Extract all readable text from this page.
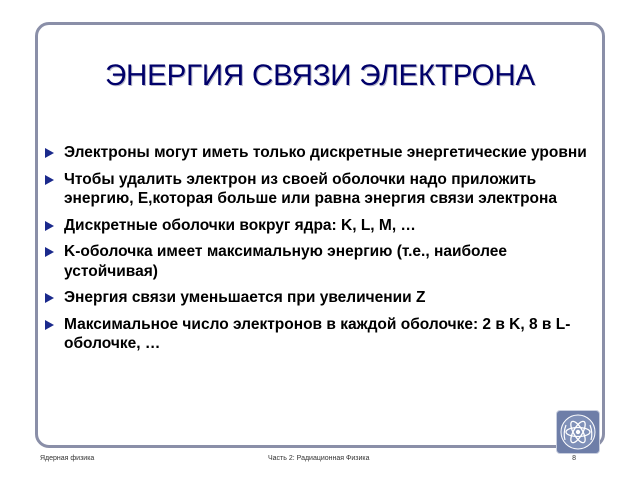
ЭНЕРГИЯ СВЯЗИ ЭЛЕКТРОНА
Электроны могут иметь только дискретные энергетические уровни
Чтобы удалить электрон из своей оболочки надо приложить энергию, Е,которая больше или равна энергия связи электрона
Дискретные оболочки вокруг ядра: K, L, M, …
K-оболочка имеет максимальную энергию (т.е., наиболее устойчивая)
Энергия связи уменьшается при увеличении Z
Максимальное число электронов в каждой оболочке: 2 в K, 8 в L-оболочке, …
Ядерная физика	Часть 2: Радиационная Физика	8
